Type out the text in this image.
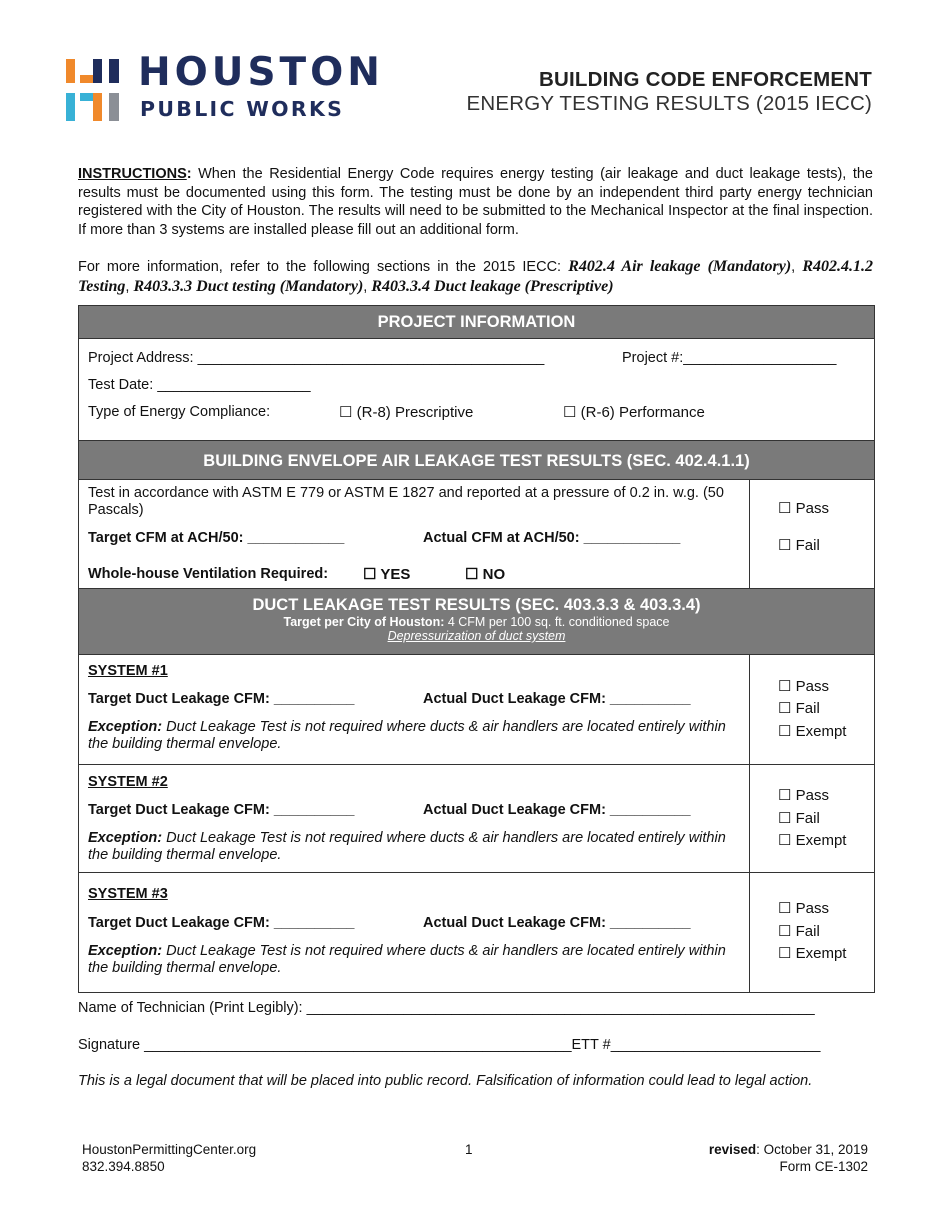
HOUSTON
PUBLIC WORKS
BUILDING CODE ENFORCEMENT
ENERGY TESTING RESULTS (2015 IECC)
INSTRUCTIONS: When the Residential Energy Code requires energy testing (air leakage and duct leakage tests), the results must be documented using this form. The testing must be done by an independent third party energy technician registered with the City of Houston. The results will need to be submitted to the Mechanical Inspector at the final inspection. If more than 3 systems are installed please fill out an additional form.
For more information, refer to the following sections in the 2015 IECC: R402.4 Air leakage (Mandatory), R402.4.1.2 Testing, R403.3.3 Duct testing (Mandatory), R403.3.4 Duct leakage (Prescriptive)
PROJECT INFORMATION
Project Address: ___________________________________________	Project #:___________________
Test Date: ___________________
Type of Energy Compliance:	☐ (R-8) Prescriptive	☐ (R-6) Performance
BUILDING ENVELOPE AIR LEAKAGE TEST RESULTS (SEC. 402.4.1.1)
Test in accordance with ASTM E 779 or ASTM E 1827 and reported at a pressure of 0.2 in. w.g. (50 Pascals)
Target CFM at ACH/50: ____________	Actual CFM at ACH/50: ____________
Whole-house Ventilation Required: ☐ YES	☐ NO
☐ Pass
☐ Fail
DUCT LEAKAGE TEST RESULTS (SEC. 403.3.3 & 403.3.4)
Target per City of Houston: 4 CFM per 100 sq. ft. conditioned space
Depressurization of duct system
SYSTEM #1
Target Duct Leakage CFM: __________	Actual Duct Leakage CFM: __________
Exception: Duct Leakage Test is not required where ducts & air handlers are located entirely within the building thermal envelope.
☐ Pass
☐ Fail
☐ Exempt
SYSTEM #2
Target Duct Leakage CFM: __________	Actual Duct Leakage CFM: __________
Exception: Duct Leakage Test is not required where ducts & air handlers are located entirely within the building thermal envelope.
☐ Pass
☐ Fail
☐ Exempt
SYSTEM #3
Target Duct Leakage CFM: __________	Actual Duct Leakage CFM: __________
Exception: Duct Leakage Test is not required where ducts & air handlers are located entirely within the building thermal envelope.
☐ Pass
☐ Fail
☐ Exempt
Name of Technician (Print Legibly): _______________________________________________________________
Signature _____________________________________________________ETT #__________________________
This is a legal document that will be placed into public record. Falsification of information could lead to legal action.
HoustonPermittingCenter.org
832.394.8850
1	revised: October 31, 2019
Form CE-1302
